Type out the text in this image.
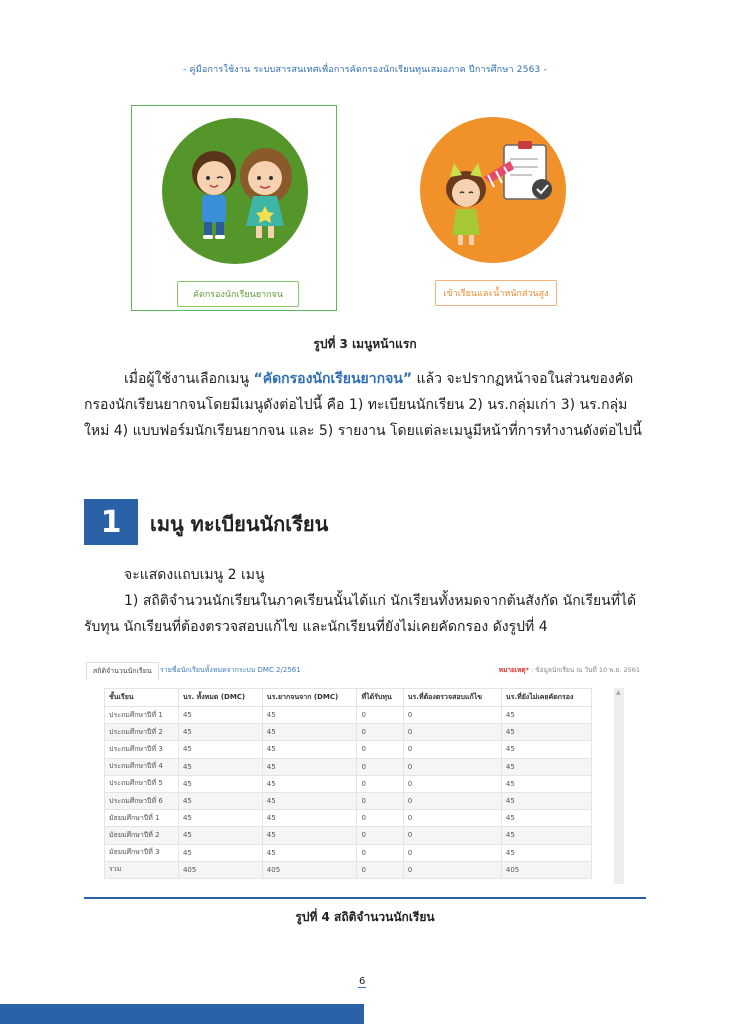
- คู่มือการใช้งาน ระบบสารสนเทศเพื่อการคัดกรองนักเรียนทุนเสมอภาค ปีการศึกษา 2563 -
คัดกรองนักเรียนยากจน	เข้าเรียนและน้ำหนักส่วนสูง
รูปที่ 3 เมนูหน้าแรก
เมื่อผู้ใช้งานเลือกเมนู “คัดกรองนักเรียนยากจน” แล้ว จะปรากฏหน้าจอในส่วนของคัดกรองนักเรียนยากจนโดยมีเมนูดังต่อไปนี้ คือ 1) ทะเบียนนักเรียน 2) นร.กลุ่มเก่า 3) นร.กลุ่มใหม่ 4) แบบฟอร์มนักเรียนยากจน และ 5) รายงาน โดยแต่ละเมนูมีหน้าที่การทำงานดังต่อไปนี้
1	เมนู ทะเบียนนักเรียน
จะแสดงแถบเมนู 2 เมนู
1) สถิติจำนวนนักเรียนในภาคเรียนนั้นได้แก่ นักเรียนทั้งหมดจากต้นสังกัด นักเรียนที่ได้รับทุน นักเรียนที่ต้องตรวจสอบแก้ไข และนักเรียนที่ยังไม่เคยคัดกรอง ดังรูปที่ 4
สถิติจำนวนนักเรียน	รายชื่อนักเรียนทั้งหมดจากระบบ DMC 2/2561	หมายเหตุ* : ข้อมูลนักเรียน ณ วันที่ 10 พ.ย. 2561
ชั้นเรียน	นร. ทั้งหมด (DMC)	นร.ยากจนจาก (DMC)	ที่ได้รับทุน	นร.ที่ต้องตรวจสอบแก้ไข	นร.ที่ยังไม่เคยคัดกรอง
ประถมศึกษาปีที่ 1	45	45	0	0	45
ประถมศึกษาปีที่ 2	45	45	0	0	45
ประถมศึกษาปีที่ 3	45	45	0	0	45
ประถมศึกษาปีที่ 4	45	45	0	0	45
ประถมศึกษาปีที่ 5	45	45	0	0	45
ประถมศึกษาปีที่ 6	45	45	0	0	45
มัธยมศึกษาปีที่ 1	45	45	0	0	45
มัธยมศึกษาปีที่ 2	45	45	0	0	45
มัธยมศึกษาปีที่ 3	45	45	0	0	45
รวม	405	405	0	0	405
▲
รูปที่ 4 สถิติจำนวนนักเรียน
6
